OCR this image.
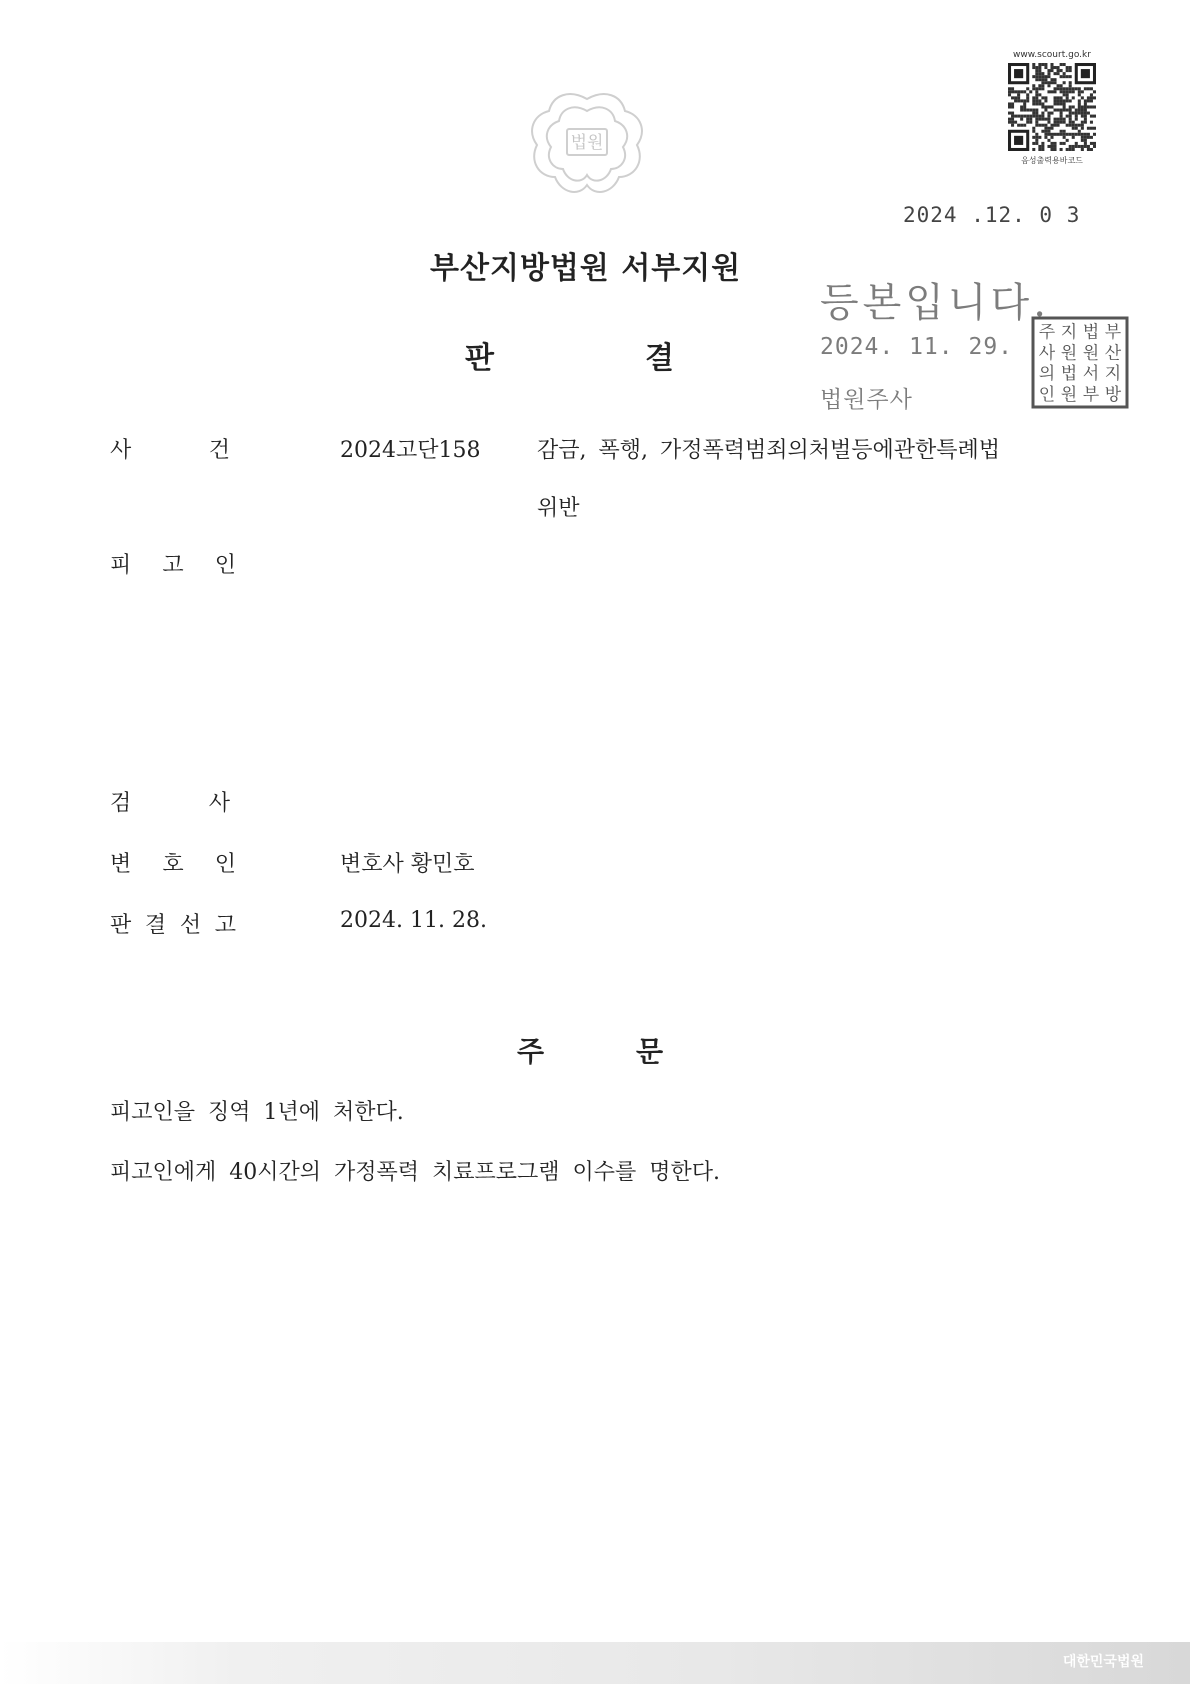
법원
www.scourt.go.kr
음성출력용바코드
2024 .12. 0 3
부산지방법원 서부지원
등본입니다.
2024. 11. 29.
법원주사
부
산
지
방
법
원
서
부
지
원
법
원
주
사
의
인
판	결
사	건	2024고단158	감금, 폭행, 가정폭력범죄의처벌등에관한특례법
위반
피 고 인
검	사
변 호 인	변호사 황민호
판 결 선 고	2024. 11. 28.
주	문
피고인을 징역 1년에 처한다.
피고인에게 40시간의 가정폭력 치료프로그램 이수를 명한다.
대한민국법원
